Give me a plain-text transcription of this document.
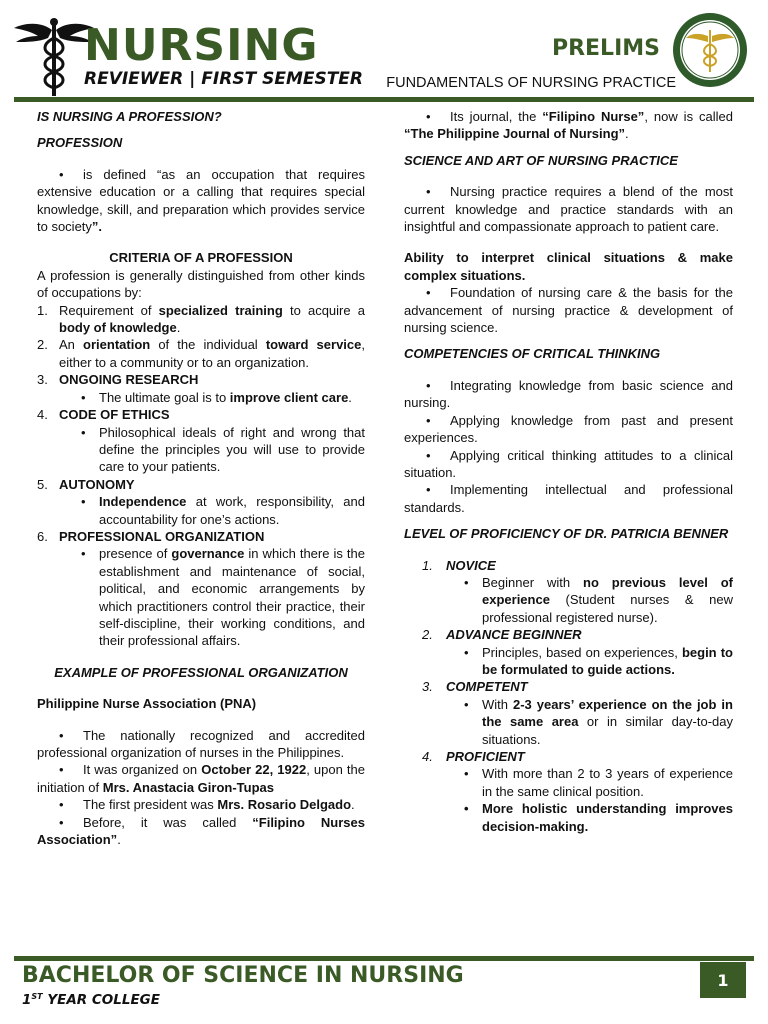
NURSING
REVIEWER | FIRST SEMESTER
PRELIMS
FUNDAMENTALS OF NURSING PRACTICE

IS NURSING A PROFESSION?

PROFESSION

• is defined “as an occupation that requires extensive education or a calling that requires special knowledge, skill, and preparation which provides service to society”.

CRITERIA OF A PROFESSION

A profession is generally distinguished from other kinds of occupations by:

1. Requirement of specialized training to acquire a body of knowledge.
2. An orientation of the individual toward service, either to a community or to an organization.
3. ONGOING RESEARCH
• The ultimate goal is to improve client care.
4. CODE OF ETHICS
• Philosophical ideals of right and wrong that define the principles you will use to provide care to your patients.
5. AUTONOMY
• Independence at work, responsibility, and accountability for one’s actions.
6. PROFESSIONAL ORGANIZATION
• presence of governance in which there is the establishment and maintenance of social, political, and economic arrangements by which practitioners control their practice, their self-discipline, their working conditions, and their professional affairs.

EXAMPLE OF PROFESSIONAL ORGANIZATION

Philippine Nurse Association (PNA)

• The nationally recognized and accredited professional organization of nurses in the Philippines.

• It was organized on October 22, 1922, upon the initiation of Mrs. Anastacia Giron-Tupas

• The first president was Mrs. Rosario Delgado.

• Before, it was called “Filipino Nurses Association”.

• Its journal, the “Filipino Nurse”, now is called “The Philippine Journal of Nursing”.

SCIENCE AND ART OF NURSING PRACTICE

• Nursing practice requires a blend of the most current knowledge and practice standards with an insightful and compassionate approach to patient care.

Ability to interpret clinical situations & make complex situations.

• Foundation of nursing care & the basis for the advancement of nursing practice & development of nursing science.

COMPETENCIES OF CRITICAL THINKING

• Integrating knowledge from basic science and nursing.

• Applying knowledge from past and present experiences.

• Applying critical thinking attitudes to a clinical situation.

• Implementing intellectual and professional standards.

LEVEL OF PROFICIENCY OF DR. PATRICIA BENNER

1. NOVICE
• Beginner with no previous level of experience (Student nurses & new professional registered nurse).
2. ADVANCE BEGINNER
• Principles, based on experiences, begin to be formulated to guide actions.
3. COMPETENT
• With 2-3 years’ experience on the job in the same area or in similar day-to-day situations.
4. PROFICIENT
• With more than 2 to 3 years of experience in the same clinical position.
• More holistic understanding improves decision-making.
BACHELOR OF SCIENCE IN NURSING
1ST YEAR COLLEGE
1
